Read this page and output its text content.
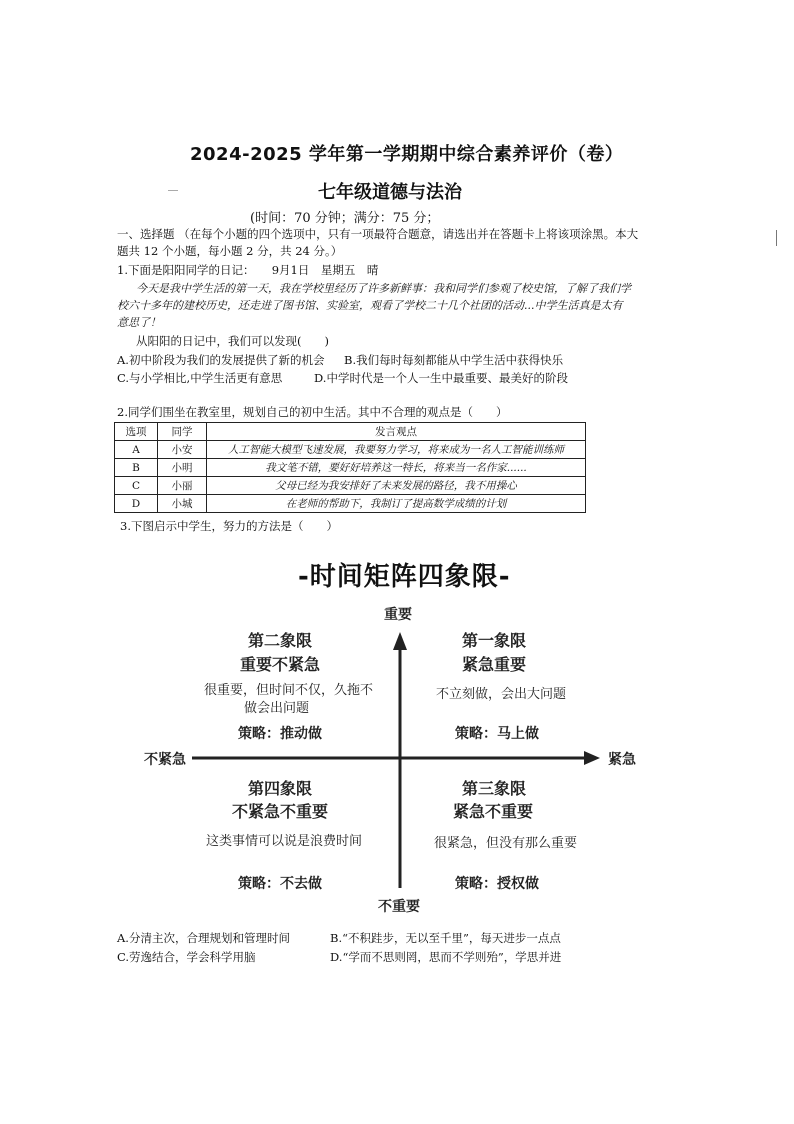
2024-2025 学年第一学期期中综合素养评价（卷）
七年级道德与法治
(时间：70 分钟；满分：75 分；
一、选择题 （在每个小题的四个选项中，只有一项最符合题意，请选出并在答题卡上将该项涂黑。本大
题共 12 个小题，每小题 2 分，共 24 分。）
1.下面是阳阳同学的日记：　　9月1日　星期五　晴
今天是我中学生活的第一天，我在学校里经历了许多新鲜事：我和同学们参观了校史馆，了解了我们学
校六十多年的建校历史，还走进了图书馆、实验室，观看了学校二十几个社团的活动...中学生活真是太有
意思了！
从阳阳的日记中，我们可以发现(　　)
A.初中阶段为我们的发展提供了新的机会 B.我们每时每刻都能从中学生活中获得快乐
C.与小学相比,中学生活更有意思	D.中学时代是一个人一生中最重要、最美好的阶段
2.同学们围坐在教室里，规划自己的初中生活。其中不合理的观点是（　　）
选项	同学	发言观点
A	小安	人工智能大模型飞速发展，我要努力学习，将来成为一名人工智能训练师
B	小明	我文笔不错，要好好培养这一特长，将来当一名作家......
C	小丽	父母已经为我安排好了未来发展的路径，我不用操心
D	小城	在老师的帮助下，我制订了提高数学成绩的计划
3.下图启示中学生，努力的方法是（　　）
-时间矩阵四象限-
重要
不重要
不紧急	紧急
第二象限
重要不紧急
很重要，但时间不仅，久拖不
做会出问题
策略：推动做
第一象限
紧急重要
不立刻做，会出大问题
策略：马上做
第四象限
不紧急不重要
这类事情可以说是浪费时间
策略：不去做
第三象限
紧急不重要
很紧急，但没有那么重要
策略：授权做
A.分清主次，合理规划和管理时间	B.“不积跬步，无以至千里”，每天进步一点点
C.劳逸结合，学会科学用脑	D.“学而不思则罔，思而不学则殆”，学思并进
